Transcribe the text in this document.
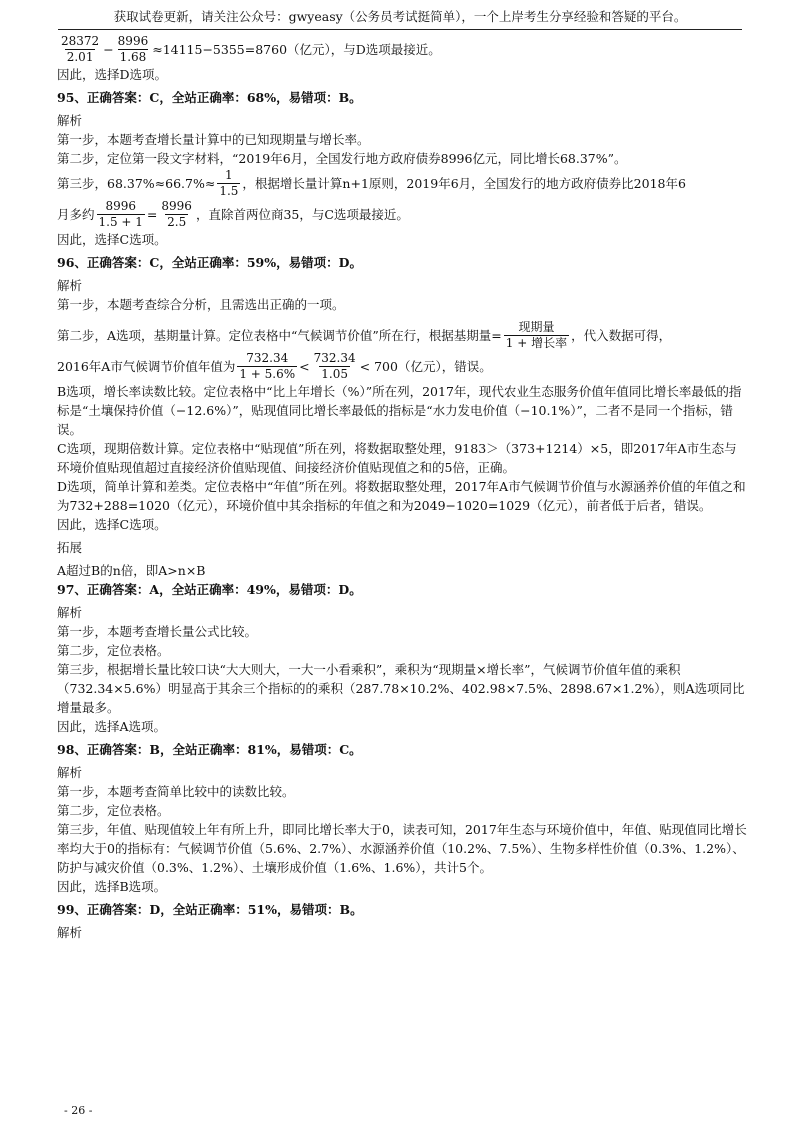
获取试卷更新，请关注公众号：gwyeasy（公务员考试挺简单），一个上岸考生分享经验和答疑的平台。
$\frac{28372}{2.01} - \frac{8996}{1.68} \approx 14115-5355=8760$（亿元），与D选项最接近。

因此，选择D选项。

95、正确答案：C，全站正确率：68%，易错项：B。

解析

第一步，本题考查增长量计算中的已知现期量与增长率。

第二步，定位第一段文字材料，“2019年6月，全国发行地方政府债券8996亿元，同比增长68.37%”。

第三步，$68.37\%\approx 66.7\%\approx \frac{1}{1.5}$ ，根据增长量计算n+1原则，2019年6月，全国发行的地方政府债券比2018年6
月多约 $\frac{8996}{1.5 + 1} = \frac{8996}{2.5}$ ，直除首两位商35，与C选项最接近。

因此，选择C选项。

96、正确答案：C，全站正确率：59%，易错项：D。

解析

第一步，本题考查综合分析，且需选出正确的一项。

第二步，A选项，基期量计算。定位表格中“气候调节价值”所在行，根据基期量= $\frac{\text{现期量}}{\text{1 + 增长率}}$ ，代入数据可得，
2016年A市气候调节价值年值为 $\frac{732.34}{1 + 5.6\%} < \frac{732.34}{1.05} < 700$ （亿元），错误。

B选项，增长率读数比较。定位表格中“比上年增长（%）”所在列，2017年，现代农业生态服务价值年值同比增长率最低的指标是“土壤保持价值（−12.6%）”，贴现值同比增长率最低的指标是“水力发电价值（−10.1%）”，二者不是同一个指标，错误。

C选项，现期倍数计算。定位表格中“贴现值”所在列，将数据取整处理，9183＞（373+1214）×5，即2017年A市生态与环境价值贴现值超过直接经济价值贴现值、间接经济价值贴现值之和的5倍，正确。

D选项，简单计算和差类。定位表格中“年值”所在列。将数据取整处理，2017年A市气候调节价值与水源涵养价值的年值之和为732+288=1020（亿元），环境价值中其余指标的年值之和为2049−1020=1029（亿元），前者低于后者，错误。

因此，选择C选项。

拓展

A超过B的n倍，即A>n×B

97、正确答案：A，全站正确率：49%，易错项：D。

解析

第一步，本题考查增长量公式比较。

第二步，定位表格。

第三步，根据增长量比较口诀“大大则大，一大一小看乘积”，乘积为“现期量×增长率”，气候调节价值年值的乘积（732.34×5.6%）明显高于其余三个指标的的乘积（287.78×10.2%、402.98×7.5%、2898.67×1.2%），则A选项同比增量最多。

因此，选择A选项。

98、正确答案：B，全站正确率：81%，易错项：C。

解析

第一步，本题考查简单比较中的读数比较。

第二步，定位表格。

第三步，年值、贴现值较上年有所上升，即同比增长率大于0，读表可知，2017年生态与环境价值中，年值、贴现值同比增长率均大于0的指标有：气候调节价值（5.6%、2.7%）、水源涵养价值（10.2%、7.5%）、生物多样性价值（0.3%、1.2%）、防护与减灾价值（0.3%、1.2%）、土壤形成价值（1.6%、1.6%），共计5个。

因此，选择B选项。

99、正确答案：D，全站正确率：51%，易错项：B。

解析

- 26 -
